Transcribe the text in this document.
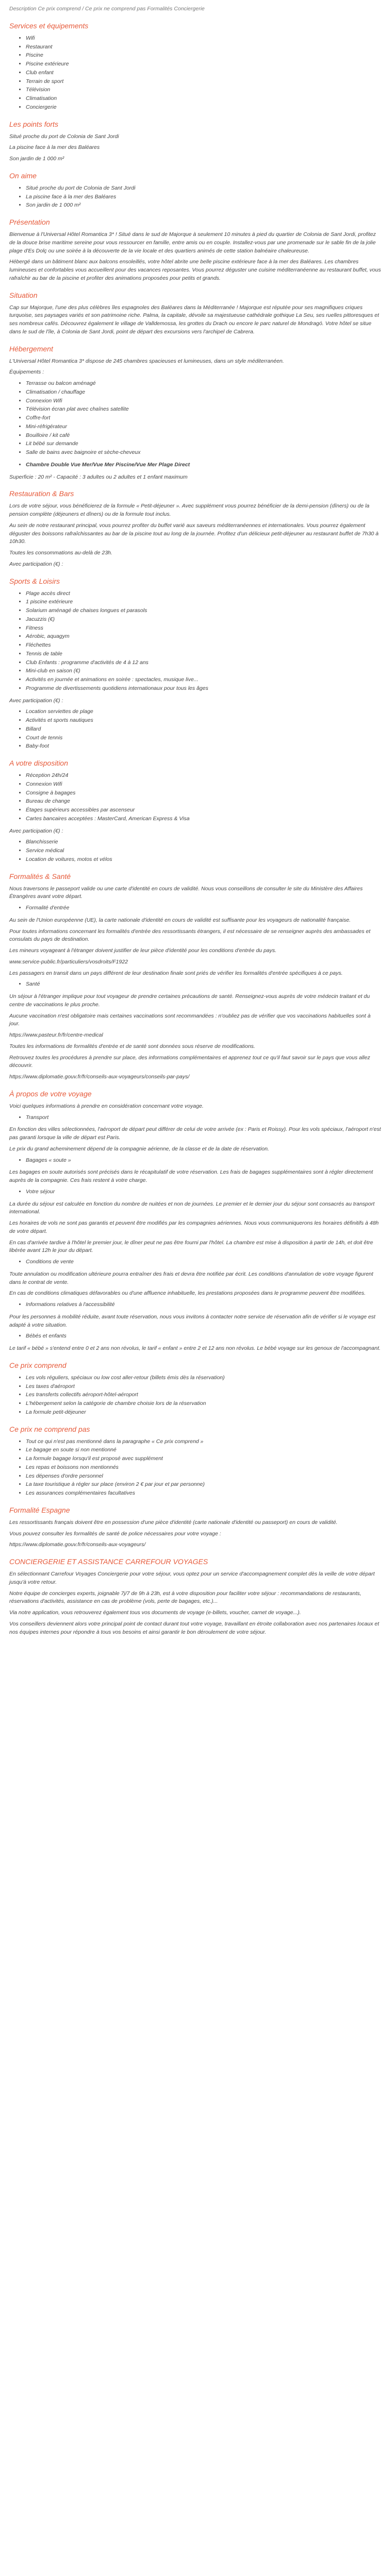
Description Ce prix comprend / Ce prix ne comprend pas Formalités Conciergerie

Services et équipements
• Wifi
• Restaurant
• Piscine
• Piscine extérieure
• Club enfant
• Terrain de sport
• Télévision
• Climatisation
• Conciergerie
Les points forts

Situé proche du port de Colonia de Sant Jordi

La piscine face à la mer des Baléares

Son jardin de 1 000 m²

On aime
• Situé proche du port de Colonia de Sant Jordi
• La piscine face à la mer des Baléares
• Son jardin de 1 000 m²
Présentation

Bienvenue à l'Universal Hôtel Romantica 3* ! Situé dans le sud de Majorque à seulement 10 minutes à pied du quartier de Colonia de Sant Jordi, profitez de la douce brise maritime sereine pour vous ressourcer en famille, entre amis ou en couple. Installez-vous par une promenade sur le sable fin de la jolie plage d'Es Dolç ou une soirée à la découverte de la vie locale et des quartiers animés de cette station balnéaire chaleureuse.

Hébergé dans un bâtiment blanc aux balcons ensoleillés, votre hôtel abrite une belle piscine extérieure face à la mer des Baléares. Les chambres lumineuses et confortables vous accueillent pour des vacances reposantes. Vous pourrez déguster une cuisine méditerranéenne au restaurant buffet, vous rafraîchir au bar de la piscine et profiter des animations proposées pour petits et grands.

Situation

Cap sur Majorque, l'une des plus célèbres îles espagnoles des Baléares dans la Méditerranée ! Majorque est réputée pour ses magnifiques criques turquoise, ses paysages variés et son patrimoine riche. Palma, la capitale, dévoile sa majestueuse cathédrale gothique La Seu, ses ruelles pittoresques et ses nombreux cafés. Découvrez également le village de Valldemossa, les grottes du Drach ou encore le parc naturel de Mondragó. Votre hôtel se situe dans le sud de l'île, à Colonia de Sant Jordi, point de départ des excursions vers l'archipel de Cabrera.

Hébergement

L'Universal Hôtel Romantica 3* dispose de 245 chambres spacieuses et lumineuses, dans un style méditerranéen.

Équipements :

• Terrasse ou balcon aménagé
• Climatisation / chauffage
• Connexion Wifi
• Télévision écran plat avec chaînes satellite
• Coffre-fort
• Mini-réfrigérateur
• Bouilloire / kit café
• Lit bébé sur demande
• Salle de bains avec baignoire et sèche-cheveux
• Chambre Double Vue Mer/Vue Mer Piscine/Vue Mer Plage Direct

Superficie : 20 m² - Capacité : 3 adultes ou 2 adultes et 1 enfant maximum

Restauration & Bars

Lors de votre séjour, vous bénéficierez de la formule « Petit-déjeuner ». Avec supplément vous pourrez bénéficier de la demi-pension (dîners) ou de la pension complète (déjeuners et dîners) ou de la formule tout inclus.

Au sein de notre restaurant principal, vous pourrez profiter du buffet varié aux saveurs méditerranéennes et internationales. Vous pourrez également déguster des boissons rafraîchissantes au bar de la piscine tout au long de la journée. Profitez d'un délicieux petit-déjeuner au restaurant buffet de 7h30 à 10h30.

Toutes les consommations au-delà de 23h.

Avec participation (€) :

Sports & Loisirs
• Plage accès direct
• 1 piscine extérieure
• Solarium aménagé de chaises longues et parasols
• Jacuzzis (€)
• Fitness
• Aérobic, aquagym
• Fléchettes
• Tennis de table
• Club Enfants : programme d'activités de 4 à 12 ans
• Mini-club en saison (€)
• Activités en journée et animations en soirée : spectacles, musique live...
• Programme de divertissements quotidiens internationaux pour tous les âges

Avec participation (€) :

• Location serviettes de plage
• Activités et sports nautiques
• Billard
• Court de tennis
• Baby-foot
A votre disposition
• Réception 24h/24
• Connexion Wifi
• Consigne à bagages
• Bureau de change
• Étages supérieurs accessibles par ascenseur
• Cartes bancaires acceptées : MasterCard, American Express & Visa

Avec participation (€) :

• Blanchisserie
• Service médical
• Location de voitures, motos et vélos
Formalités & Santé

Nous traversons le passeport valide ou une carte d'identité en cours de validité. Nous vous conseillons de consulter le site du Ministère des Affaires Étrangères avant votre départ.

• Formalité d'entrée

Au sein de l'Union européenne (UE), la carte nationale d'identité en cours de validité est suffisante pour les voyageurs de nationalité française.

Pour toutes informations concernant les formalités d'entrée des ressortissants étrangers, il est nécessaire de se renseigner auprès des ambassades et consulats du pays de destination.

Les mineurs voyageant à l'étranger doivent justifier de leur pièce d'identité pour les conditions d'entrée du pays.

www.service-public.fr/particuliers/vosdroits/F1922

Les passagers en transit dans un pays différent de leur destination finale sont priés de vérifier les formalités d'entrée spécifiques à ce pays.

• Santé

Un séjour à l'étranger implique pour tout voyageur de prendre certaines précautions de santé. Renseignez-vous auprès de votre médecin traitant et du centre de vaccinations le plus proche.

Aucune vaccination n'est obligatoire mais certaines vaccinations sont recommandées : n'oubliez pas de vérifier que vos vaccinations habituelles sont à jour.

https://www.pasteur.fr/fr/centre-medical

Toutes les informations de formalités d'entrée et de santé sont données sous réserve de modifications.

Retrouvez toutes les procédures à prendre sur place, des informations complémentaires et apprenez tout ce qu'il faut savoir sur le pays que vous allez découvrir.

https://www.diplomatie.gouv.fr/fr/conseils-aux-voyageurs/conseils-par-pays/

À propos de votre voyage

Voici quelques informations à prendre en considération concernant votre voyage.

• Transport

En fonction des villes sélectionnées, l'aéroport de départ peut différer de celui de votre arrivée (ex : Paris et Roissy). Pour les vols spéciaux, l'aéroport n'est pas garanti lorsque la ville de départ est Paris.

Le prix du grand acheminement dépend de la compagnie aérienne, de la classe et de la date de réservation.

• Bagages « soute »

Les bagages en soute autorisés sont précisés dans le récapitulatif de votre réservation. Les frais de bagages supplémentaires sont à régler directement auprès de la compagnie. Ces frais restent à votre charge.

• Votre séjour

La durée du séjour est calculée en fonction du nombre de nuitées et non de journées. Le premier et le dernier jour du séjour sont consacrés au transport international.

Les horaires de vols ne sont pas garantis et peuvent être modifiés par les compagnies aériennes. Nous vous communiquerons les horaires définitifs à 48h de votre départ.

En cas d'arrivée tardive à l'hôtel le premier jour, le dîner peut ne pas être fourni par l'hôtel. La chambre est mise à disposition à partir de 14h, et doit être libérée avant 12h le jour du départ.

• Conditions de vente

Toute annulation ou modification ultérieure pourra entraîner des frais et devra être notifiée par écrit. Les conditions d'annulation de votre voyage figurent dans le contrat de vente.

En cas de conditions climatiques défavorables ou d'une affluence inhabituelle, les prestations proposées dans le programme peuvent être modifiées.

• Informations relatives à l'accessibilité

Pour les personnes à mobilité réduite, avant toute réservation, nous vous invitons à contacter notre service de réservation afin de vérifier si le voyage est adapté à votre situation.

• Bébés et enfants

Le tarif « bébé » s'entend entre 0 et 2 ans non révolus, le tarif « enfant » entre 2 et 12 ans non révolus. Le bébé voyage sur les genoux de l'accompagnant.

Ce prix comprend
• Les vols réguliers, spéciaux ou low cost aller-retour (billets émis dès la réservation)
• Les taxes d'aéroport
• Les transferts collectifs aéroport-hôtel-aéroport
• L'hébergement selon la catégorie de chambre choisie lors de la réservation
• La formule petit-déjeuner
Ce prix ne comprend pas
• Tout ce qui n'est pas mentionné dans la paragraphe « Ce prix comprend »
• Le bagage en soute si non mentionné
• La formule bagage lorsqu'il est proposé avec supplément
• Les repas et boissons non mentionnés
• Les dépenses d'ordre personnel
• La taxe touristique à régler sur place (environ 2 € par jour et par personne)
• Les assurances complémentaires facultatives
Formalité Espagne

Les ressortissants français doivent être en possession d'une pièce d'identité (carte nationale d'identité ou passeport) en cours de validité.

Vous pouvez consulter les formalités de santé de police nécessaires pour votre voyage :

https://www.diplomatie.gouv.fr/fr/conseils-aux-voyageurs/

CONCIERGERIE ET ASSISTANCE CARREFOUR VOYAGES

En sélectionnant Carrefour Voyages Conciergerie pour votre séjour, vous optez pour un service d'accompagnement complet dès la veille de votre départ jusqu'à votre retour.

Notre équipe de concierges experts, joignable 7j/7 de 9h à 23h, est à votre disposition pour faciliter votre séjour : recommandations de restaurants, réservations d'activités, assistance en cas de problème (vols, perte de bagages, etc.)...

Via notre application, vous retrouverez également tous vos documents de voyage (e-billets, voucher, carnet de voyage...).

Vos conseillers deviennent alors votre principal point de contact durant tout votre voyage, travaillant en étroite collaboration avec nos partenaires locaux et nos équipes internes pour répondre à tous vos besoins et ainsi garantir le bon déroulement de votre séjour.
